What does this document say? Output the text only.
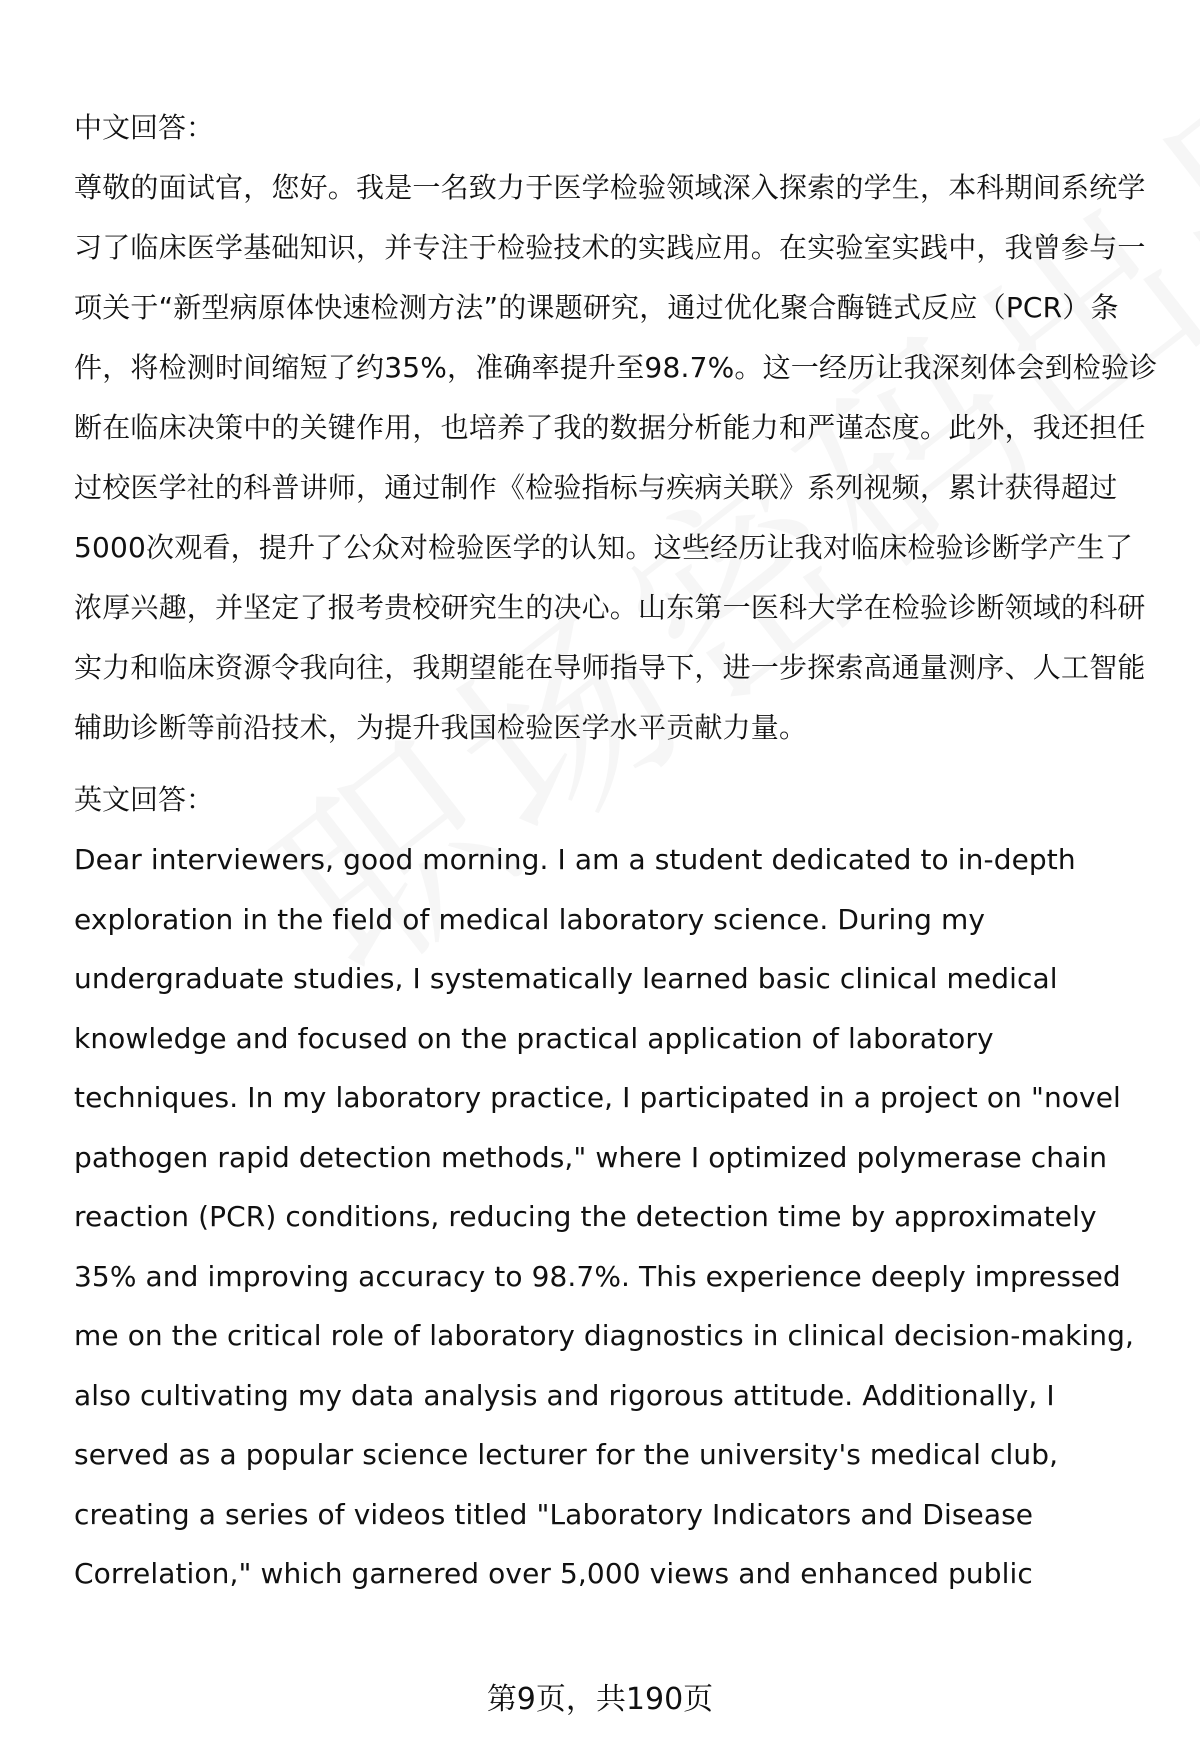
中文回答：

尊敬的面试官，您好。我是一名致力于医学检验领域深入探索的学生，本科期间系统学习了临床医学基础知识，并专注于检验技术的实践应用。在实验室实践中，我曾参与一项关于“新型病原体快速检测方法”的课题研究，通过优化聚合酶链式反应（PCR）条件，将检测时间缩短了约35%，准确率提升至98.7%。这一经历让我深刻体会到检验诊断在临床决策中的关键作用，也培养了我的数据分析能力和严谨态度。此外，我还担任过校医学社的科普讲师，通过制作《检验指标与疾病关联》系列视频，累计获得超过5000次观看，提升了公众对检验医学的认知。这些经历让我对临床检验诊断学产生了浓厚兴趣，并坚定了报考贵校研究生的决心。山东第一医科大学在检验诊断领域的科研实力和临床资源令我向往，我期望能在导师指导下，进一步探索高通量测序、人工智能辅助诊断等前沿技术，为提升我国检验医学水平贡献力量。

英文回答：

Dear interviewers, good morning. I am a student dedicated to in-depth exploration in the field of medical laboratory science. During my undergraduate studies, I systematically learned basic clinical medical knowledge and focused on the practical application of laboratory techniques. In my laboratory practice, I participated in a project on "novel pathogen rapid detection methods," where I optimized polymerase chain reaction (PCR) conditions, reducing the detection time by approximately 35% and improving accuracy to 98.7%. This experience deeply impressed me on the critical role of laboratory diagnostics in clinical decision-making, also cultivating my data analysis and rigorous attitude. Additionally, I served as a popular science lecturer for the university's medical club, creating a series of videos titled "Laboratory Indicators and Disease Correlation," which garnered over 5,000 views and enhanced public

第9页，共190页
